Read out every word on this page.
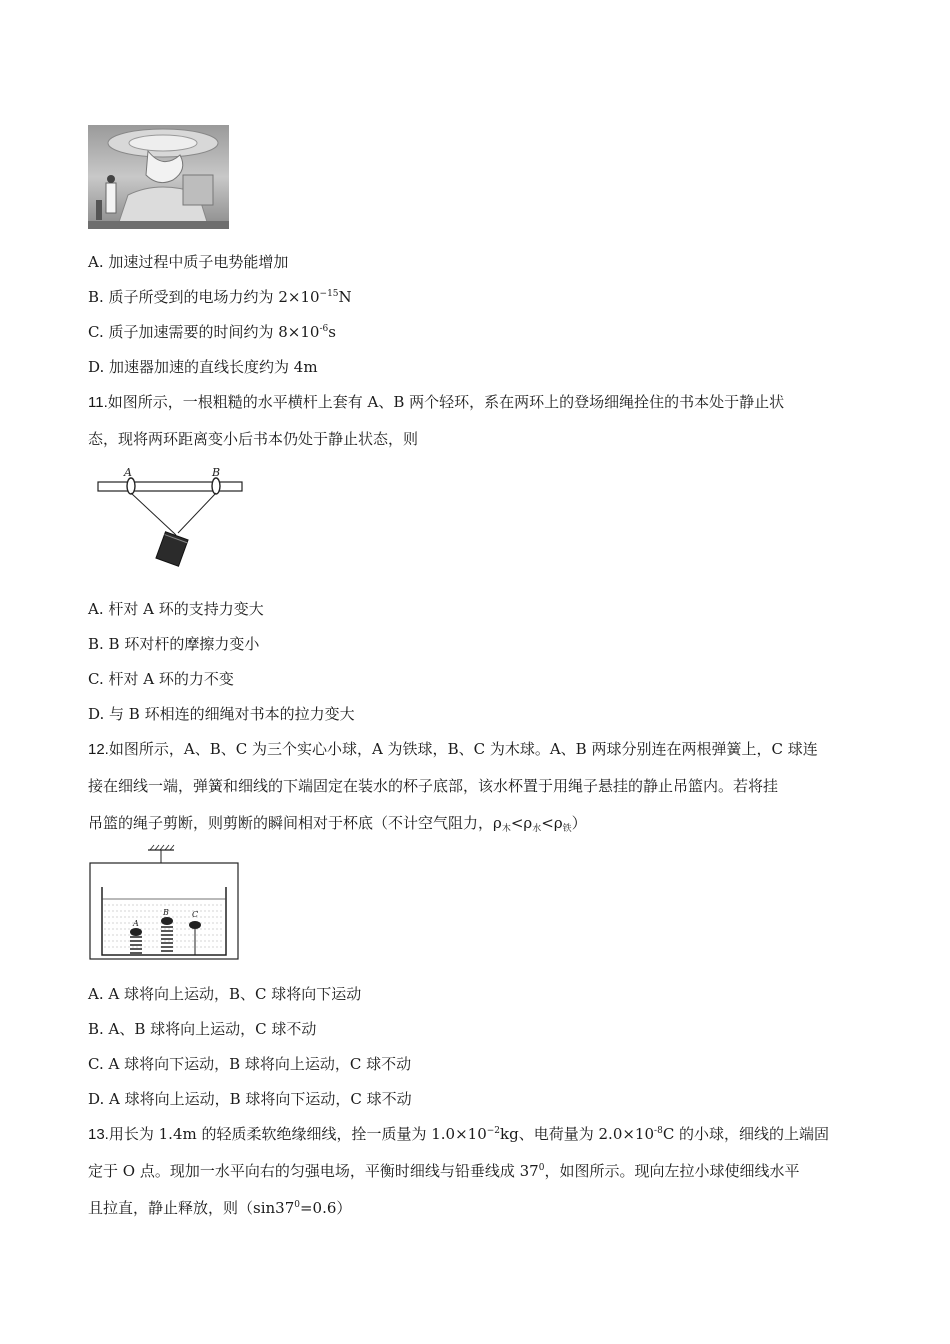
A. 加速过程中质子电势能增加
B. 质子所受到的电场力约为 $2\times 10^{-15}N$
C. 质子加速需要的时间约为 $8\times 10^{-6}s$
D. 加速器加速的直线长度约为 4m
11.如图所示，一根粗糙的水平横杆上套有 A、B 两个轻环，系在两环上的登场细绳拴住的书本处于静止状
态，现将两环距离变小后书本仍处于静止状态，则
A	B
A. 杆对 A 环的支持力变大
B. B 环对杆的摩擦力变小
C. 杆对 A 环的力不变
D. 与 B 环相连的细绳对书本的拉力变大
12.如图所示，A、B、C 为三个实心小球，A 为铁球，B、C 为木球。A、B 两球分别连在两根弹簧上，C 球连
接在细线一端，弹簧和细线的下端固定在装水的杯子底部，该水杯置于用绳子悬挂的静止吊篮内。若将挂
吊篮的绳子剪断，则剪断的瞬间相对于杯底（不计空气阻力，$\rho_木<\rho_水<\rho_铁$）
A
B	C
A. A 球将向上运动，B、C 球将向下运动
B. A、B 球将向上运动，C 球不动
C. A 球将向下运动，B 球将向上运动，C 球不动
D. A 球将向上运动，B 球将向下运动，C 球不动
13.用长为 1.4m 的轻质柔软绝缘细线，拴一质量为 $1.0\times 10^{-2}kg$、电荷量为 $2.0\times 10^{-8}C$ 的小球，细线的上端固
定于 O 点。现加一水平向右的匀强电场，平衡时细线与铅垂线成 $37^0$，如图所示。现向左拉小球使细线水平
且拉直，静止释放，则$(\sin 37^0=0.6)$
